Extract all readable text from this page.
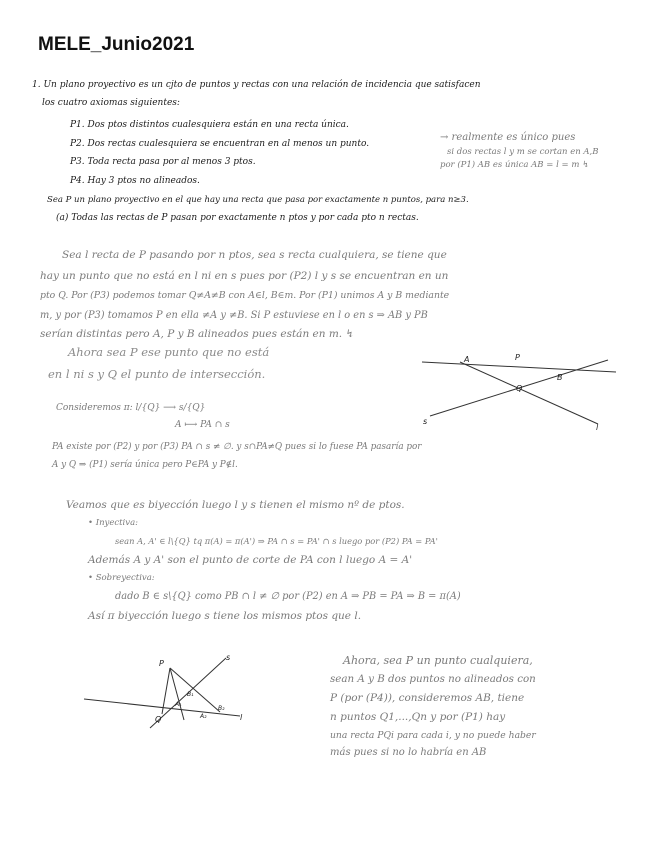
MELE_Junio2021

1. Un plano proyectivo es un cjto de puntos y rectas con una relación de incidencia que satisfacen

los cuatro axiomas siguientes:

P1. Dos ptos distintos cualesquiera están en una recta única.

P2. Dos rectas cualesquiera se encuentran en al menos un punto.

P3. Toda recta pasa por al menos 3 ptos.

P4. Hay 3 ptos no alineados.

→ realmente es único pues

si dos rectas l y m se cortan en A,B

por (P1) AB es única AB = l = m ↯

Sea P un plano proyectivo en el que hay una recta que pasa por exactamente n puntos, para n≥3.

(a) Todas las rectas de P pasan por exactamente n ptos y por cada pto n rectas.

Sea l recta de P pasando por n ptos, sea s recta cualquiera, se tiene que

hay un punto que no está en l ni en s pues por (P2) l y s se encuentran en un

pto Q. Por (P3) podemos tomar Q≠A≠B con A∈l, B∈m. Por (P1) unimos A y B mediante

m, y por (P3) tomamos P en ella ≠A y ≠B. Si P estuviese en l o en s ⇒ AB y PB

serían distintas pero A, P y B alineados pues están en m. ↯

Ahora sea P ese punto que no está

en l ni s y Q el punto de intersección.

A	P
B
Q
s
l

Consideremos π: l/{Q} ⟶ s/{Q}

A ⟼ PA ∩ s

PA existe por (P2) y por (P3) PA ∩ s ≠ ∅. y s∩PA≠Q pues si lo fuese PA pasaría por

A y Q ⇒ (P1) sería única pero P∈PA y P∉l.

Veamos que es biyección luego l y s tienen el mismo nº de ptos.

• Inyectiva:

sean A, A' ∈ l\{Q} tq π(A) = π(A') ⇒ PA ∩ s = PA' ∩ s luego por (P2) PA = PA'

Además A y A' son el punto de corte de PA con l luego A = A'

• Sobreyectiva:

dado B ∈ s\{Q} como PB ∩ l ≠ ∅ por (P2) en A ⇒ PB = PA ⇒ B = π(A)

Así π biyección luego s tiene los mismos ptos que l.

P
s
Q	l
B₁
A₁
B₂
A₂

Ahora, sea P un punto cualquiera,

sean A y B dos puntos no alineados con

P (por (P4)), consideremos AB, tiene

n puntos Q1,...,Qn y por (P1) hay

una recta PQi para cada i, y no puede haber

más pues si no lo habría en AB
